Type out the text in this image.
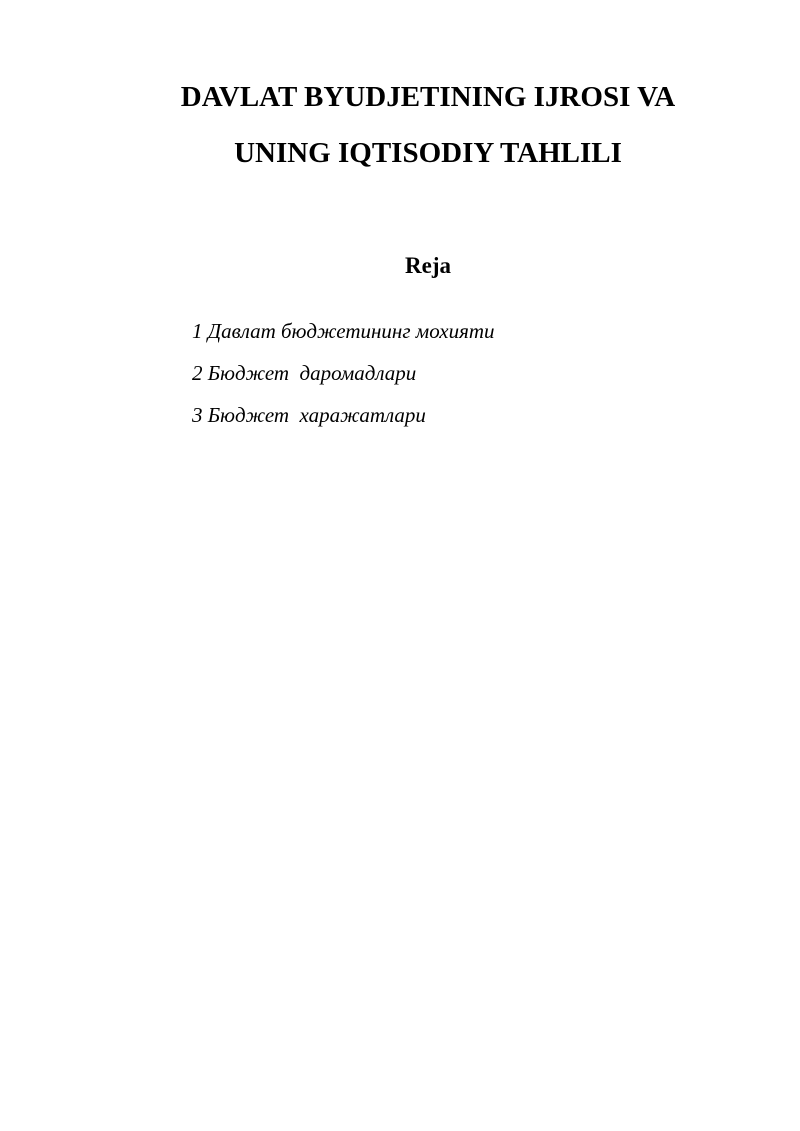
DAVLAT BYUDJETINING IJROSI VA
UNING IQTISODIY TAHLILI
Reja
1 Давлат бюджетининг мохияти
2 Бюджет  даромадлари
3 Бюджет  харажатлари
